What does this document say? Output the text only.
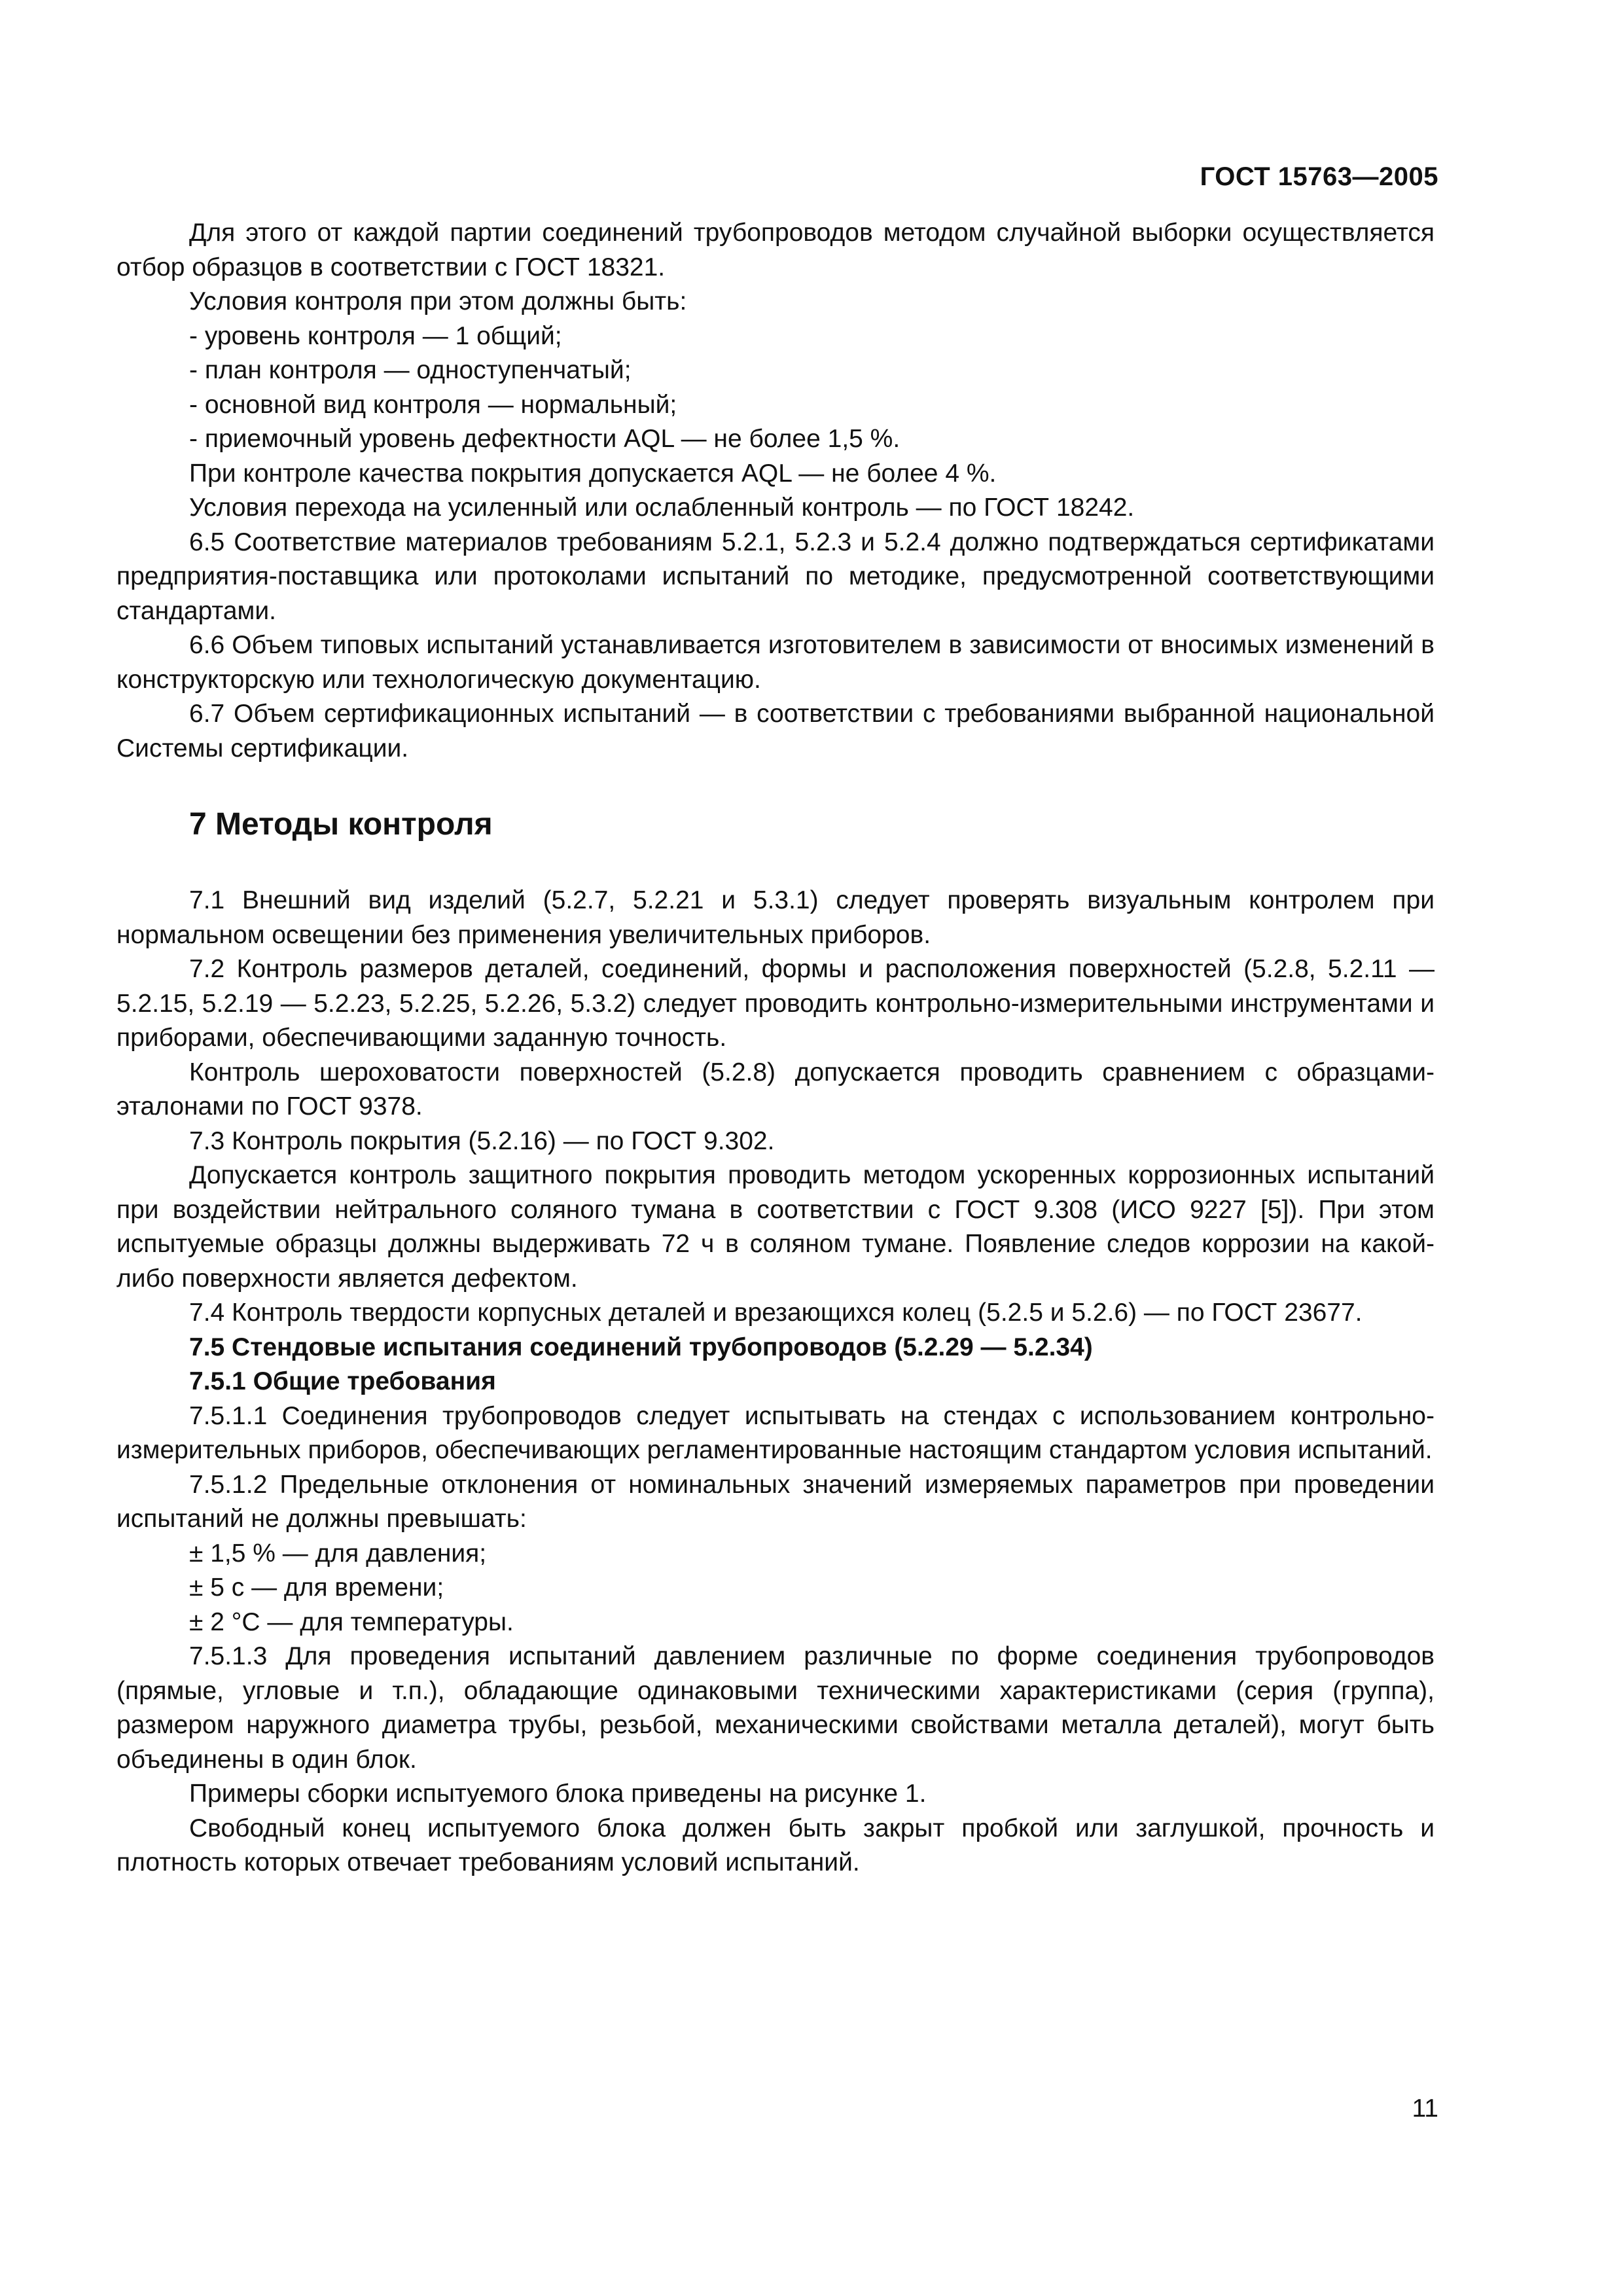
ГОСТ 15763—2005

Для этого от каждой партии соединений трубопроводов методом случайной выборки осуществляется отбор образцов в соответствии с ГОСТ 18321.

Условия контроля при этом должны быть:

- уровень контроля — 1 общий;

- план контроля — одноступенчатый;

- основной вид контроля — нормальный;

- приемочный уровень дефектности AQL — не более 1,5 %.

При контроле качества покрытия допускается AQL — не более 4 %.

Условия перехода на усиленный или ослабленный контроль — по ГОСТ 18242.

6.5 Соответствие материалов требованиям 5.2.1, 5.2.3 и 5.2.4 должно подтверждаться сертификатами предприятия-поставщика или протоколами испытаний по методике, предусмотренной соответствующими стандартами.

6.6 Объем типовых испытаний устанавливается изготовителем в зависимости от вносимых изменений в конструкторскую или технологическую документацию.

6.7 Объем сертификационных испытаний — в соответствии с требованиями выбранной национальной Системы сертификации.

7 Методы контроля

7.1 Внешний вид изделий (5.2.7, 5.2.21 и 5.3.1) следует проверять визуальным контролем при нормальном освещении без применения увеличительных приборов.

7.2 Контроль размеров деталей, соединений, формы и расположения поверхностей (5.2.8, 5.2.11 — 5.2.15, 5.2.19 — 5.2.23, 5.2.25, 5.2.26, 5.3.2) следует проводить контрольно-измерительными инструментами и приборами, обеспечивающими заданную точность.

Контроль шероховатости поверхностей (5.2.8) допускается проводить сравнением с образцами-эталонами по ГОСТ 9378.

7.3 Контроль покрытия (5.2.16) — по ГОСТ 9.302.

Допускается контроль защитного покрытия проводить методом ускоренных коррозионных испытаний при воздействии нейтрального соляного тумана в соответствии с ГОСТ 9.308 (ИСО 9227 [5]). При этом испытуемые образцы должны выдерживать 72 ч в соляном тумане. Появление следов коррозии на какой-либо поверхности является дефектом.

7.4 Контроль твердости корпусных деталей и врезающихся колец (5.2.5 и 5.2.6) — по ГОСТ 23677.

7.5 Стендовые испытания соединений трубопроводов (5.2.29 — 5.2.34)

7.5.1 Общие требования

7.5.1.1 Соединения трубопроводов следует испытывать на стендах с использованием контрольно-измерительных приборов, обеспечивающих регламентированные настоящим стандартом условия испытаний.

7.5.1.2 Предельные отклонения от номинальных значений измеряемых параметров при проведении испытаний не должны превышать:

± 1,5 % — для давления;

± 5 с — для времени;

± 2 °С — для температуры.

7.5.1.3 Для проведения испытаний давлением различные по форме соединения трубопроводов (прямые, угловые и т.п.), обладающие одинаковыми техническими характеристиками (серия (группа), размером наружного диаметра трубы, резьбой, механическими свойствами металла деталей), могут быть объединены в один блок.

Примеры сборки испытуемого блока приведены на рисунке 1.

Свободный конец испытуемого блока должен быть закрыт пробкой или заглушкой, прочность и плотность которых отвечает требованиям условий испытаний.

11
